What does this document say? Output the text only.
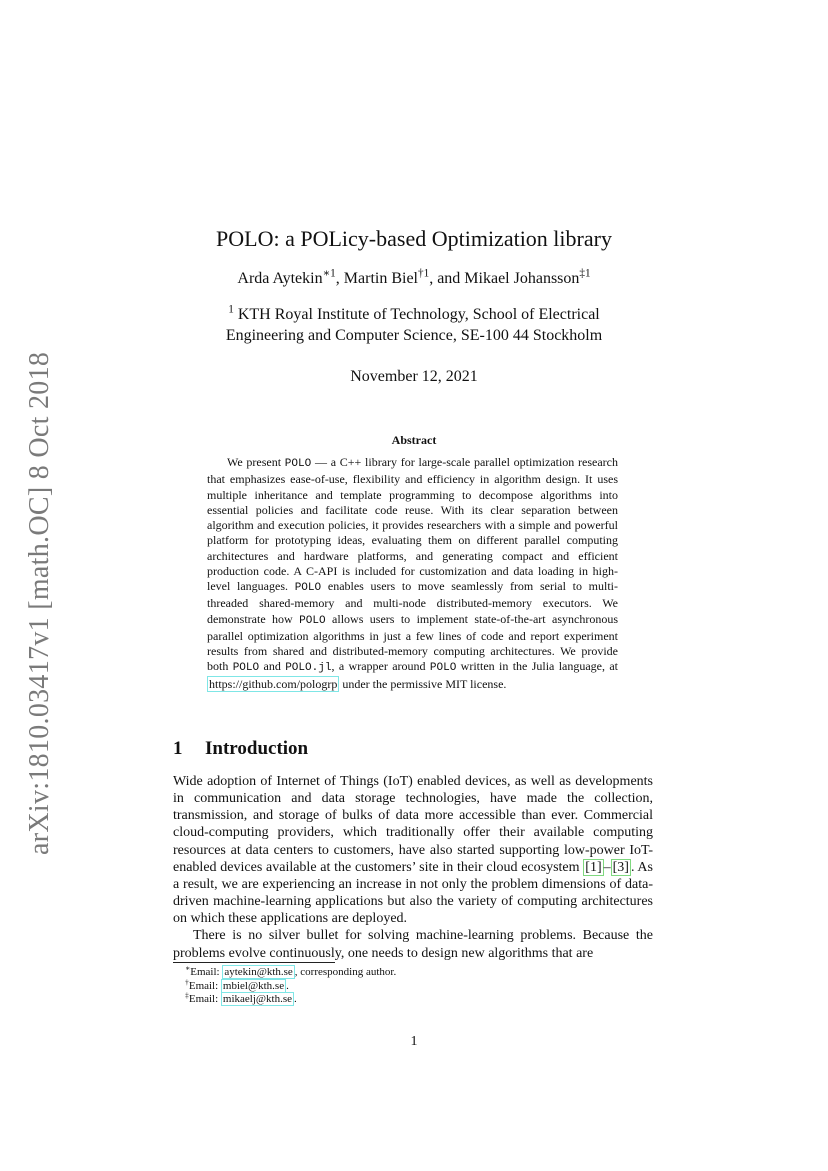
arXiv:1810.03417v1 [math.OC] 8 Oct 2018
POLO: a POLicy-based Optimization library
Arda Aytekin$^{∗1}$, Martin Biel$^{\dagger 1}$, and Mikael Johansson$^{\ddagger 1}$
$^1$ KTH Royal Institute of Technology, School of Electrical
Engineering and Computer Science, SE-100 44 Stockholm
November 12, 2021
Abstract
We present POLO — a C++ library for large-scale parallel optimization research that emphasizes ease-of-use, flexibility and efficiency in algorithm design. It uses multiple inheritance and template programming to decompose algorithms into essential policies and facilitate code reuse. With its clear separation between algorithm and execution policies, it provides researchers with a simple and powerful platform for prototyping ideas, evaluating them on different parallel computing architectures and hardware platforms, and generating compact and efficient production code. A C-API is included for customization and data loading in high-level languages. POLO enables users to move seamlessly from serial to multi-threaded shared-memory and multi-node distributed-memory executors. We demonstrate how POLO allows users to implement state-of-the-art asynchronous parallel optimization algorithms in just a few lines of code and report experiment results from shared and distributed-memory computing architectures. We provide both POLO and POLO.jl, a wrapper around POLO written in the Julia language, at https://github.com/pologrp under the permissive MIT license.
1 Introduction

Wide adoption of Internet of Things (IoT) enabled devices, as well as developments in communication and data storage technologies, have made the collection, transmission, and storage of bulks of data more accessible than ever. Commercial cloud-computing providers, which traditionally offer their available computing resources at data centers to customers, have also started supporting low-power IoT-enabled devices available at the customers’ site in their cloud ecosystem [1] – [3] . As a result, we are experiencing an increase in not only the problem dimensions of data-driven machine-learning applications but also the variety of computing architectures on which these applications are deployed.

There is no silver bullet for solving machine-learning problems. Because the problems evolve continuously, one needs to design new algorithms that are

∗Email: aytekin@kth.se , corresponding author.
†Email: mbiel@kth.se .
‡Email: mikaelj@kth.se .
1
